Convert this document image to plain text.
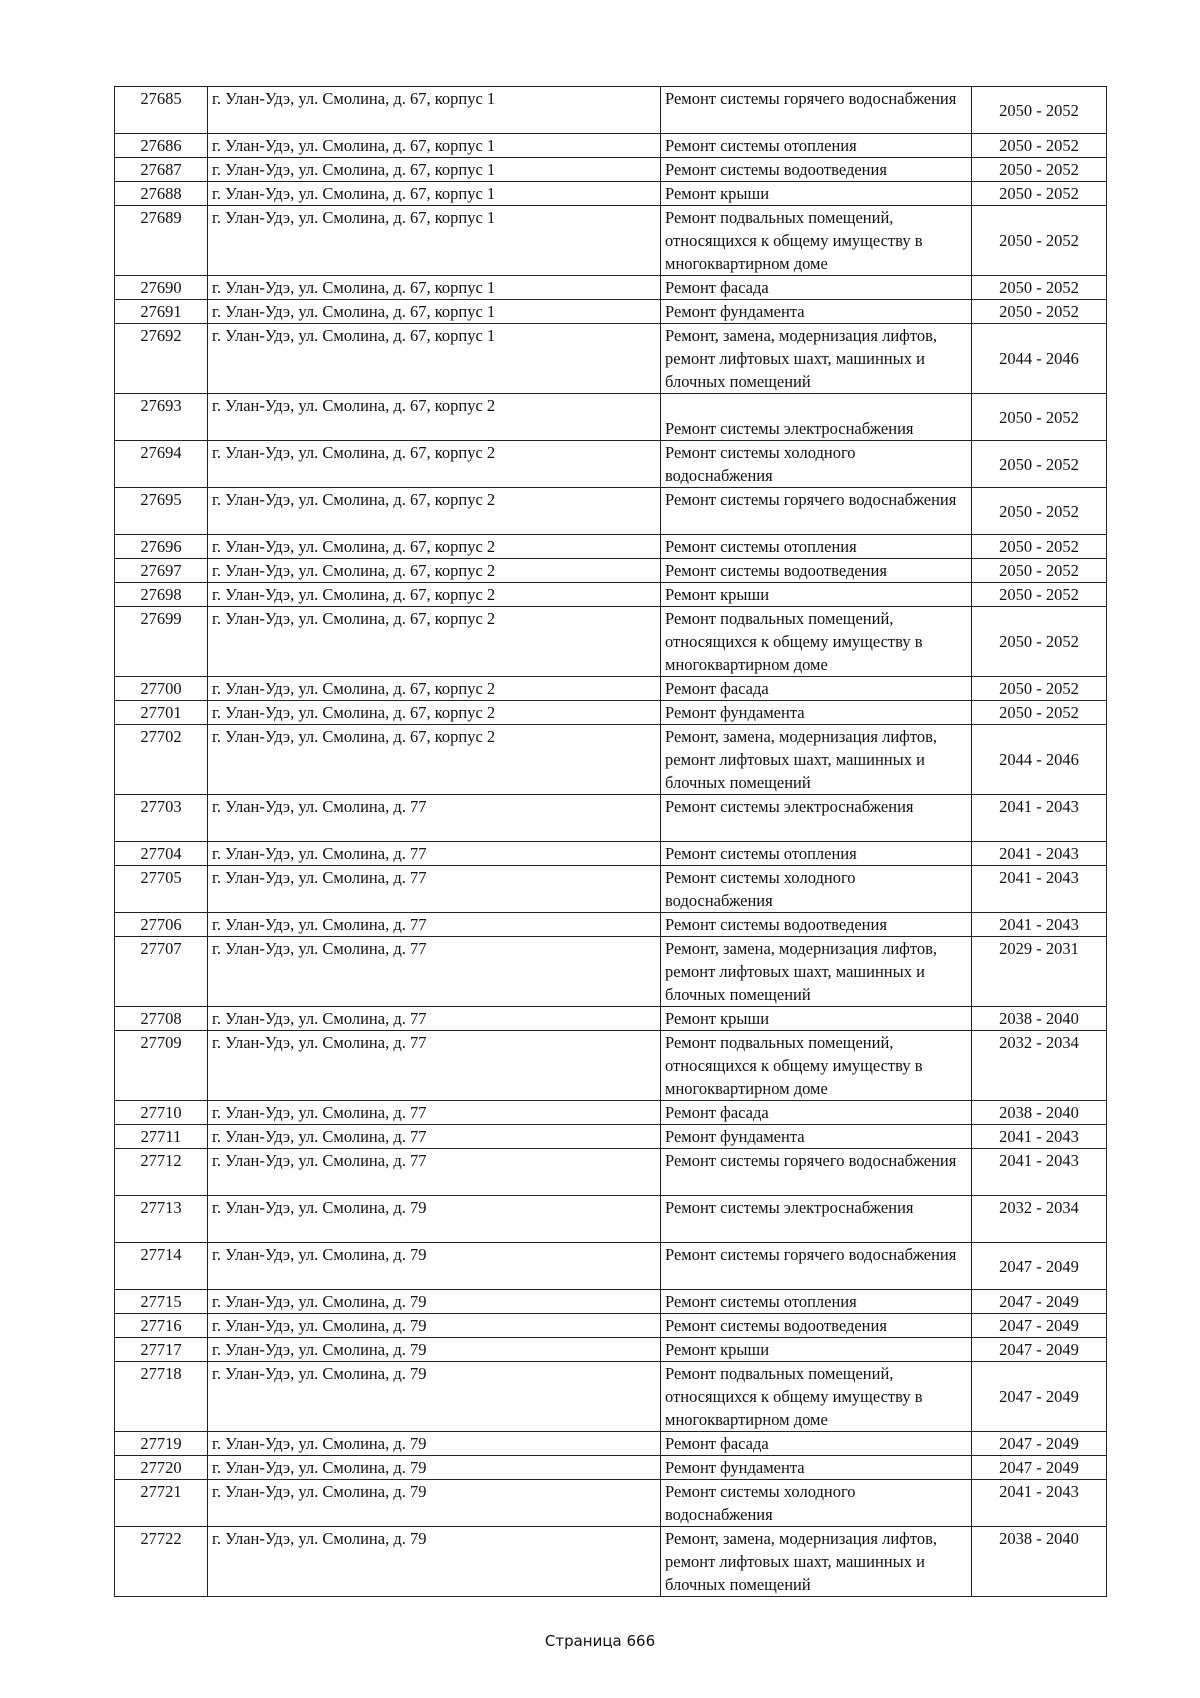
27685	г. Улан-Удэ, ул. Смолина, д. 67, корпус 1	Ремонт системы горячего водоснабжения	2050 - 2052
27686	г. Улан-Удэ, ул. Смолина, д. 67, корпус 1	Ремонт системы отопления	2050 - 2052
27687	г. Улан-Удэ, ул. Смолина, д. 67, корпус 1	Ремонт системы водоотведения	2050 - 2052
27688	г. Улан-Удэ, ул. Смолина, д. 67, корпус 1	Ремонт крыши	2050 - 2052
27689	г. Улан-Удэ, ул. Смолина, д. 67, корпус 1	Ремонт подвальных помещений, относящихся к общему имуществу в многоквартирном доме	2050 - 2052
27690	г. Улан-Удэ, ул. Смолина, д. 67, корпус 1	Ремонт фасада	2050 - 2052
27691	г. Улан-Удэ, ул. Смолина, д. 67, корпус 1	Ремонт фундамента	2050 - 2052
27692	г. Улан-Удэ, ул. Смолина, д. 67, корпус 1	Ремонт, замена, модернизация лифтов, ремонт лифтовых шахт, машинных и блочных помещений	2044 - 2046
27693	г. Улан-Удэ, ул. Смолина, д. 67, корпус 2	Ремонт системы электроснабжения	2050 - 2052
27694	г. Улан-Удэ, ул. Смолина, д. 67, корпус 2	Ремонт системы холодного водоснабжения	2050 - 2052
27695	г. Улан-Удэ, ул. Смолина, д. 67, корпус 2	Ремонт системы горячего водоснабжения	2050 - 2052
27696	г. Улан-Удэ, ул. Смолина, д. 67, корпус 2	Ремонт системы отопления	2050 - 2052
27697	г. Улан-Удэ, ул. Смолина, д. 67, корпус 2	Ремонт системы водоотведения	2050 - 2052
27698	г. Улан-Удэ, ул. Смолина, д. 67, корпус 2	Ремонт крыши	2050 - 2052
27699	г. Улан-Удэ, ул. Смолина, д. 67, корпус 2	Ремонт подвальных помещений, относящихся к общему имуществу в многоквартирном доме	2050 - 2052
27700	г. Улан-Удэ, ул. Смолина, д. 67, корпус 2	Ремонт фасада	2050 - 2052
27701	г. Улан-Удэ, ул. Смолина, д. 67, корпус 2	Ремонт фундамента	2050 - 2052
27702	г. Улан-Удэ, ул. Смолина, д. 67, корпус 2	Ремонт, замена, модернизация лифтов, ремонт лифтовых шахт, машинных и блочных помещений	2044 - 2046
27703	г. Улан-Удэ, ул. Смолина, д. 77	Ремонт системы электроснабжения	2041 - 2043
27704	г. Улан-Удэ, ул. Смолина, д. 77	Ремонт системы отопления	2041 - 2043
27705	г. Улан-Удэ, ул. Смолина, д. 77	Ремонт системы холодного водоснабжения	2041 - 2043
27706	г. Улан-Удэ, ул. Смолина, д. 77	Ремонт системы водоотведения	2041 - 2043
27707	г. Улан-Удэ, ул. Смолина, д. 77	Ремонт, замена, модернизация лифтов, ремонт лифтовых шахт, машинных и блочных помещений	2029 - 2031
27708	г. Улан-Удэ, ул. Смолина, д. 77	Ремонт крыши	2038 - 2040
27709	г. Улан-Удэ, ул. Смолина, д. 77	Ремонт подвальных помещений, относящихся к общему имуществу в многоквартирном доме	2032 - 2034
27710	г. Улан-Удэ, ул. Смолина, д. 77	Ремонт фасада	2038 - 2040
27711	г. Улан-Удэ, ул. Смолина, д. 77	Ремонт фундамента	2041 - 2043
27712	г. Улан-Удэ, ул. Смолина, д. 77	Ремонт системы горячего водоснабжения	2041 - 2043
27713	г. Улан-Удэ, ул. Смолина, д. 79	Ремонт системы электроснабжения	2032 - 2034
27714	г. Улан-Удэ, ул. Смолина, д. 79	Ремонт системы горячего водоснабжения	2047 - 2049
27715	г. Улан-Удэ, ул. Смолина, д. 79	Ремонт системы отопления	2047 - 2049
27716	г. Улан-Удэ, ул. Смолина, д. 79	Ремонт системы водоотведения	2047 - 2049
27717	г. Улан-Удэ, ул. Смолина, д. 79	Ремонт крыши	2047 - 2049
27718	г. Улан-Удэ, ул. Смолина, д. 79	Ремонт подвальных помещений, относящихся к общему имуществу в многоквартирном доме	2047 - 2049
27719	г. Улан-Удэ, ул. Смолина, д. 79	Ремонт фасада	2047 - 2049
27720	г. Улан-Удэ, ул. Смолина, д. 79	Ремонт фундамента	2047 - 2049
27721	г. Улан-Удэ, ул. Смолина, д. 79	Ремонт системы холодного водоснабжения	2041 - 2043
27722	г. Улан-Удэ, ул. Смолина, д. 79	Ремонт, замена, модернизация лифтов, ремонт лифтовых шахт, машинных и блочных помещений	2038 - 2040
Страница 666
